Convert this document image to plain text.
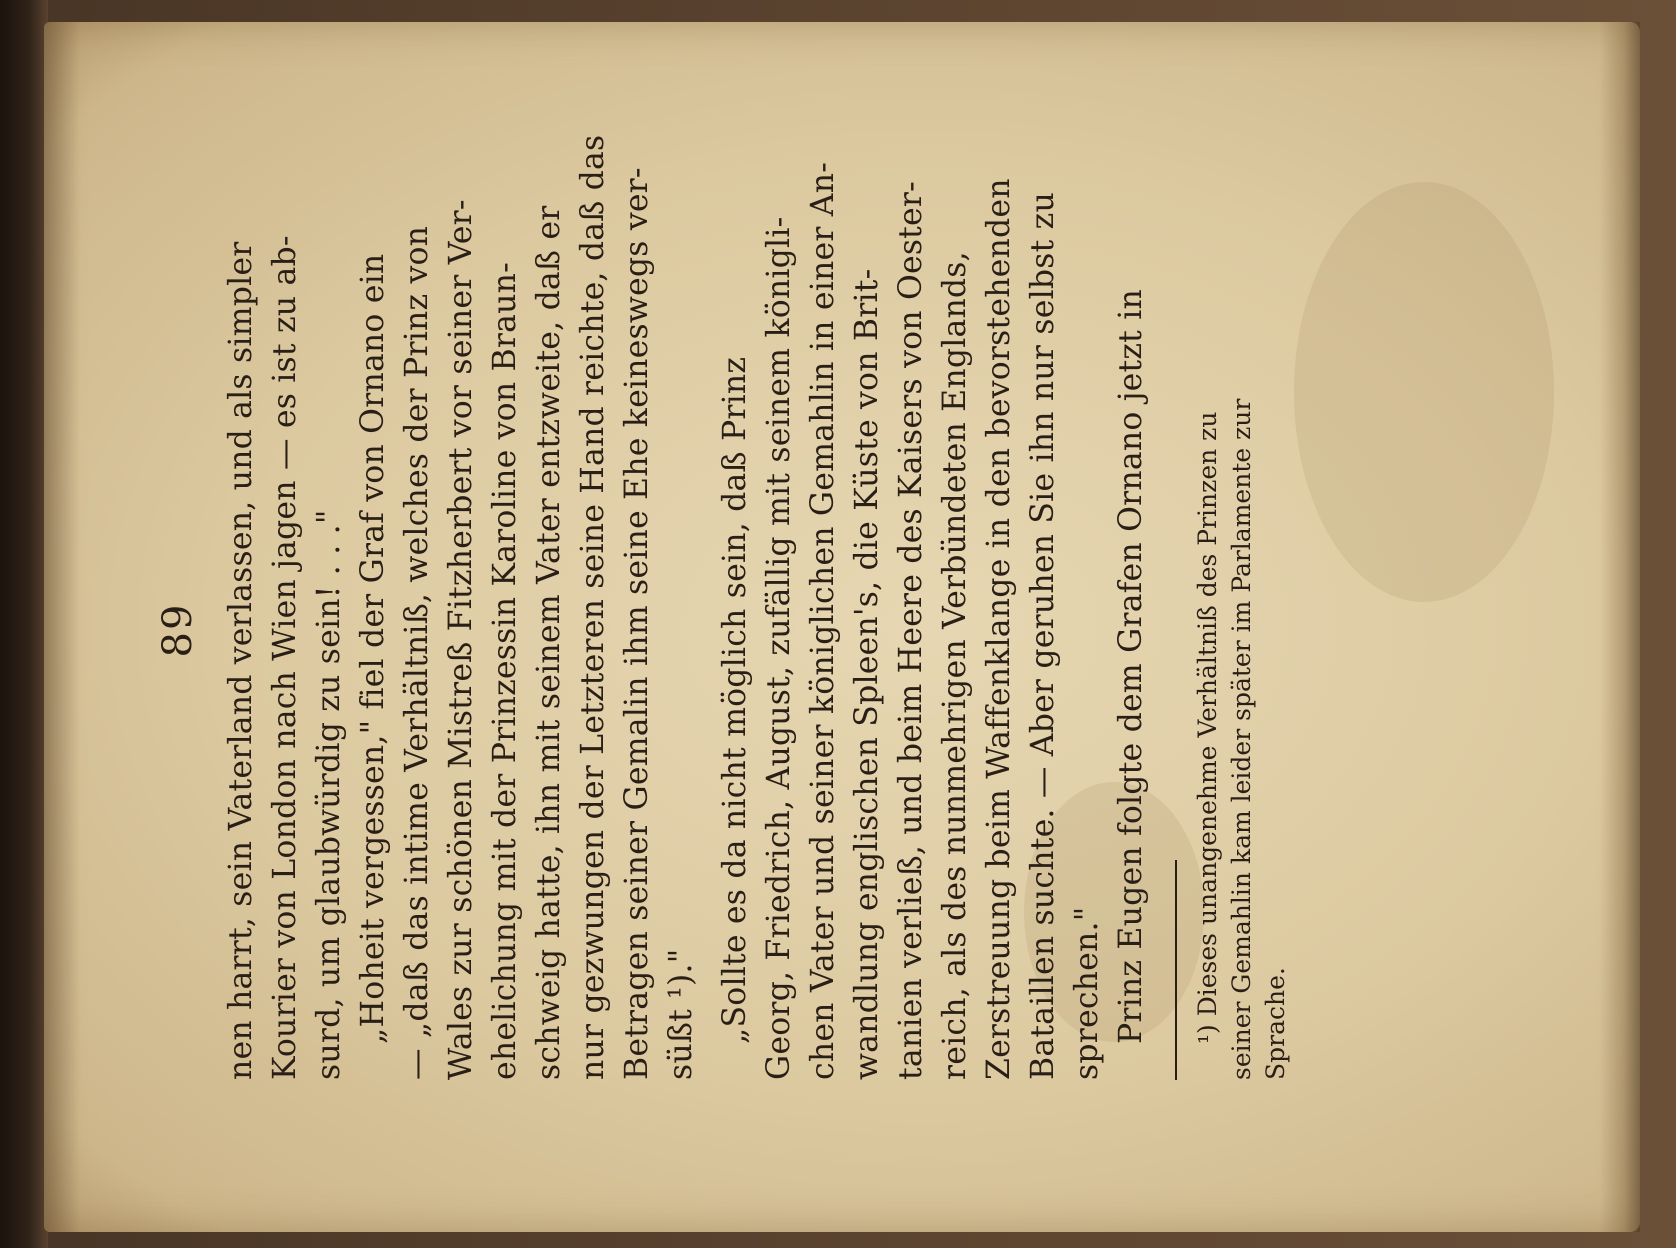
89 nen harrt, sein Vaterland verlassen, und als simpler Kourier von London nach Wien jagen — es ist zu ab- surd, um glaubwürdig zu sein! . . ." „Hoheit vergessen," fiel der Graf von Ornano ein — „daß das intime Verhältniß, welches der Prinz von Wales zur schönen Mistreß Fitzherbert vor seiner Ver- ehelichung mit der Prinzessin Karoline von Braun- schweig hatte, ihn mit seinem Vater entzweite, daß er nur gezwungen der Letzteren seine Hand reichte, daß das Betragen seiner Gemalin ihm seine Ehe keineswegs ver- süßt ¹)." „Sollte es da nicht möglich sein, daß Prinz Georg, Friedrich, August, zufällig mit seinem königli- chen Vater und seiner königlichen Gemahlin in einer An- wandlung englischen Spleen's, die Küste von Brit- tanien verließ, und beim Heere des Kaisers von Oester- reich, als des nunmehrigen Verbündeten Englands, Zerstreuung beim Waffenklange in den bevorstehenden Bataillen suchte. — Aber geruhen Sie ihn nur selbst zu sprechen." Prinz Eugen folgte dem Grafen Ornano jetzt in ¹) Dieses unangenehme Verhältniß des Prinzen zu seiner Gemahlin kam leider später im Parlamente zur Sprache.
